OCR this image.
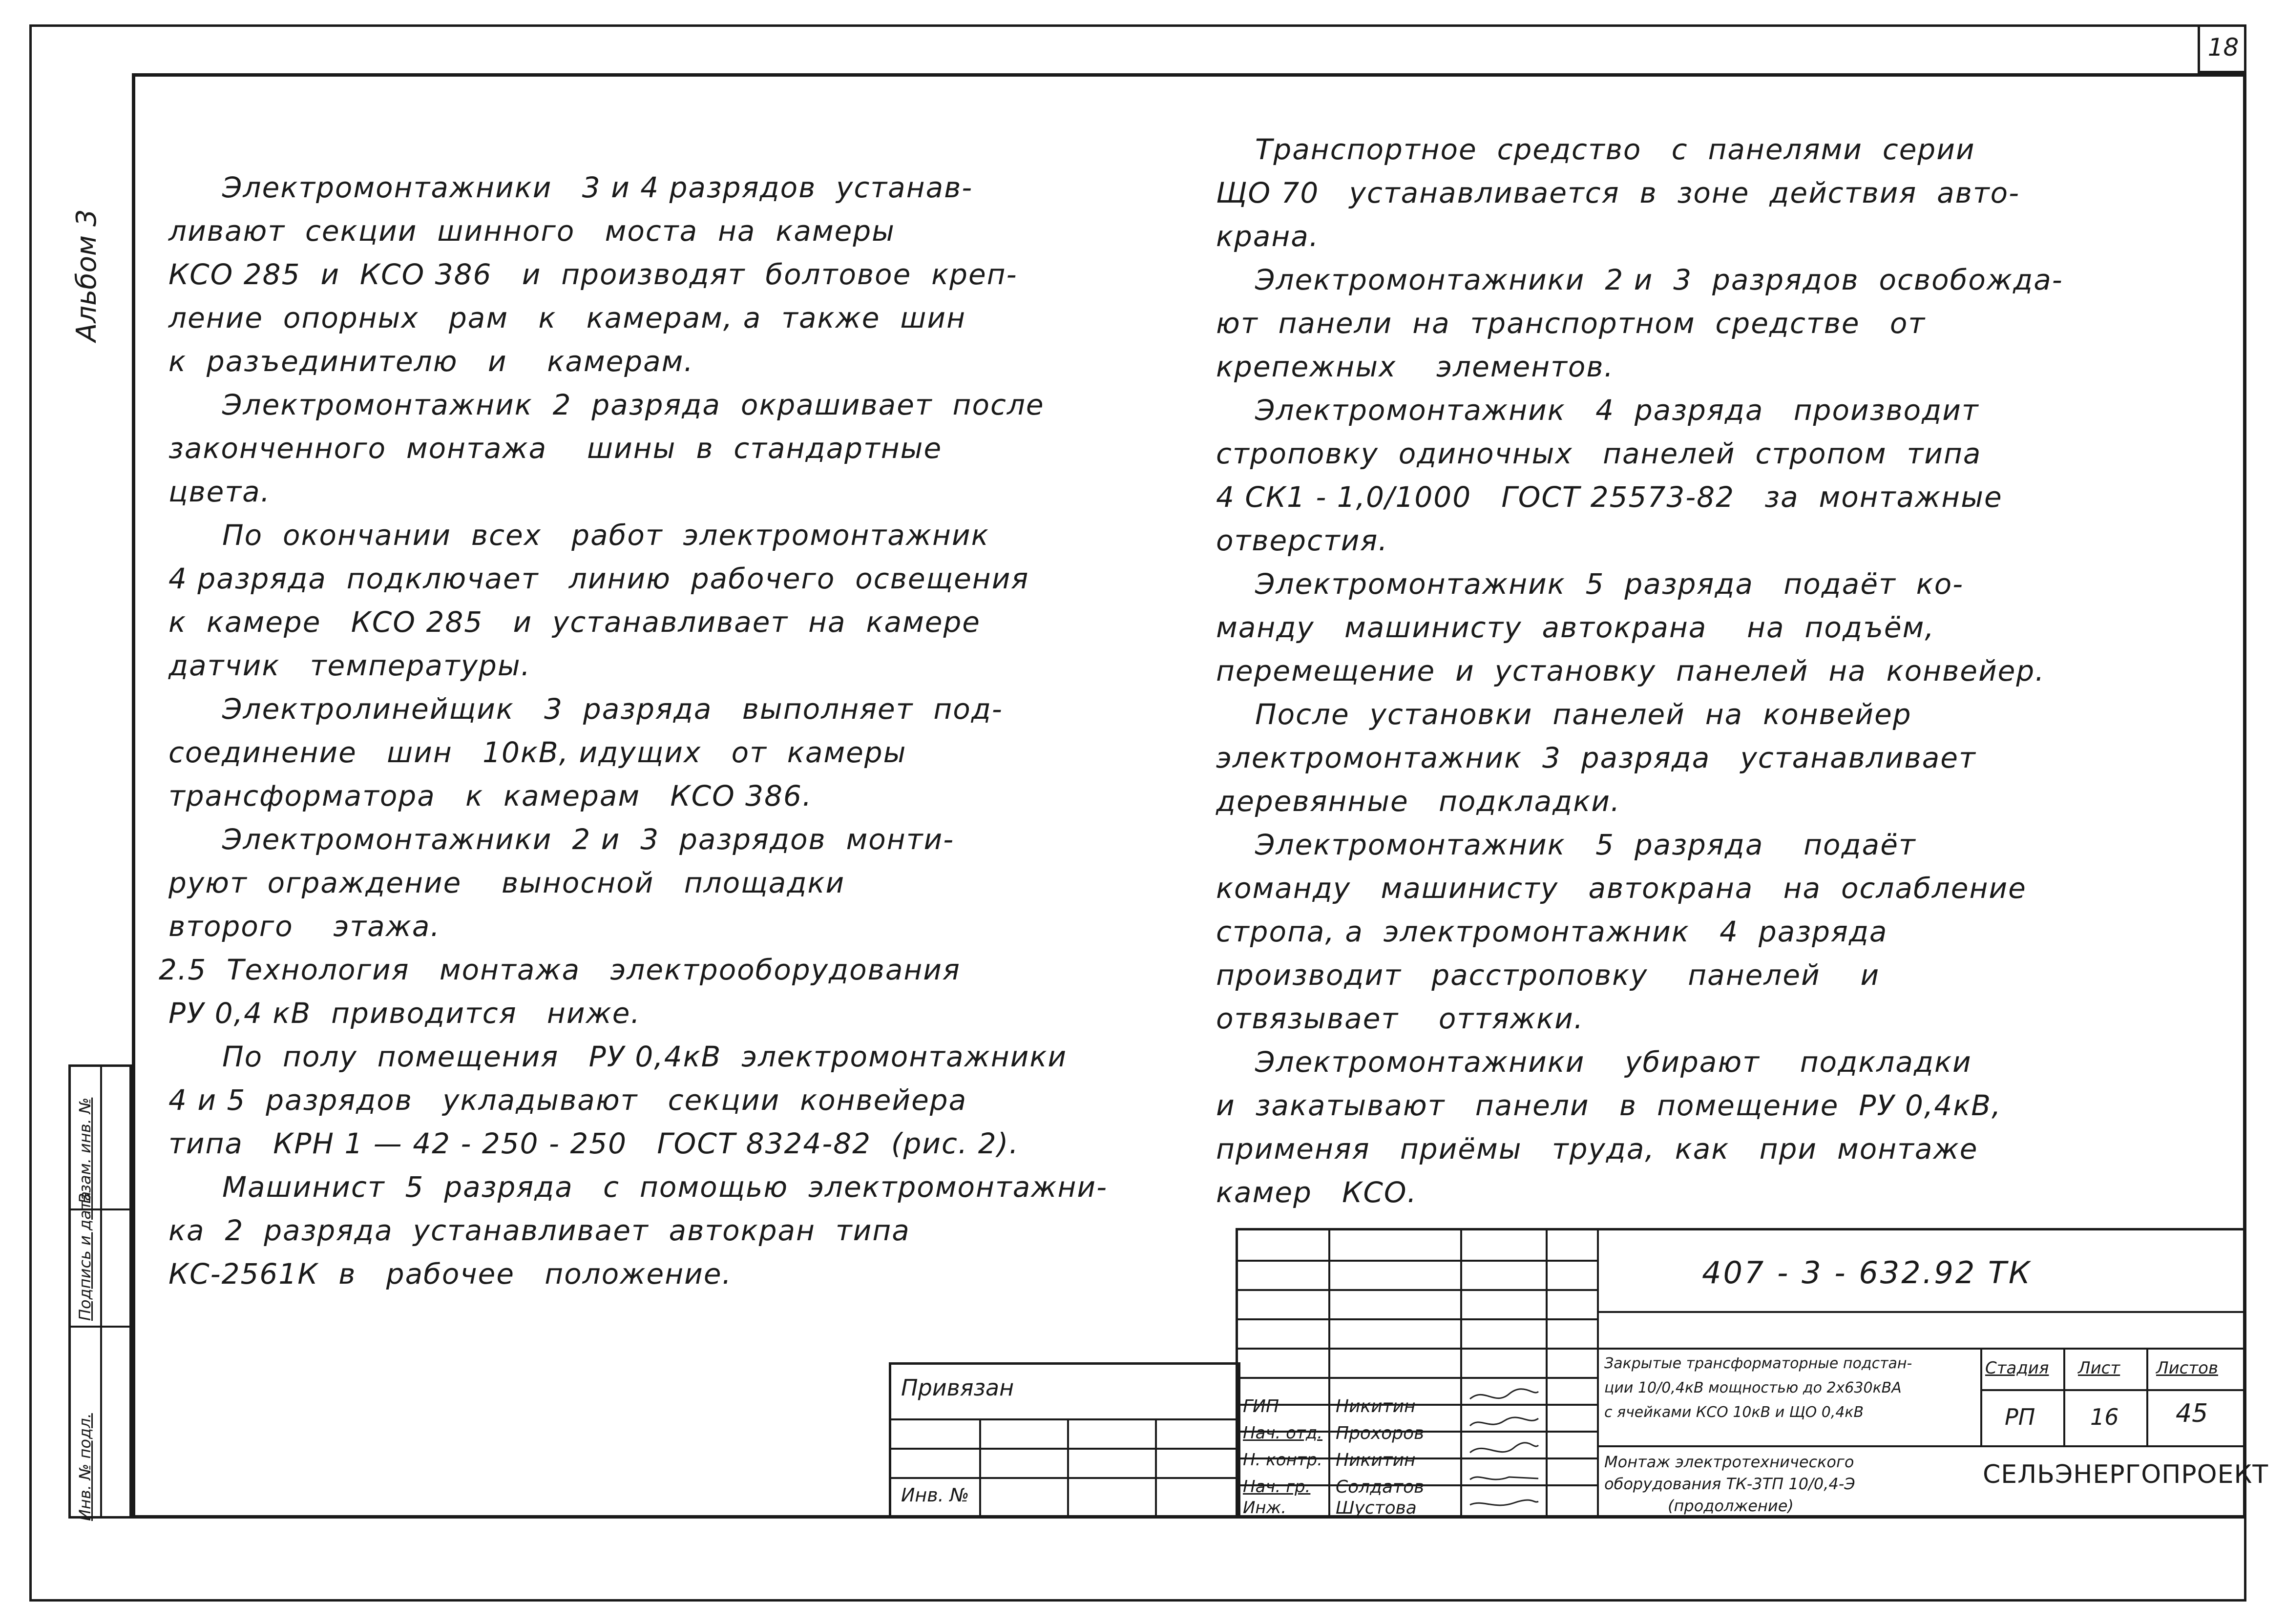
18
Альбом 3
Инв. № подл.
Подпись и дата
Взам. инв. №
Электромонтажники   3 и 4 разрядов  устанав-
ливают  секции  шинного   моста  на  камеры
КСО 285  и  КСО 386   и  производят  болтовое  креп-
ление  опорных   рам   к   камерам, а  также  шин
к  разъединителю   и    камерам.
Электромонтажник  2  разряда  окрашивает  после
законченного  монтажа    шины  в  стандартные
цвета.
По  окончании  всех   работ  электромонтажник
4 разряда  подключает   линию  рабочего  освещения
к  камере   КСО 285   и  устанавливает  на  камере
датчик   температуры.
Электролинейщик   3  разряда   выполняет  под-
соединение   шин   10кВ, идущих   от  камеры
трансформатора   к  камерам   КСО 386.
Электромонтажники  2 и  3  разрядов  монти-
руют  ограждение    выносной   площадки
второго    этажа.
2.5  Технология   монтажа   электрооборудования
РУ 0,4 кВ  приводится   ниже.
По  полу  помещения   РУ 0,4кВ  электромонтажники
4 и 5  разрядов   укладывают   секции  конвейера
типа   КРН 1 — 42 - 250 - 250   ГОСТ 8324-82  (рис. 2).
Машинист  5  разряда   с  помощью  электромонтажни-
ка  2  разряда  устанавливает  автокран  типа
КС-2561К  в   рабочее   положение.
Транспортное  средство   с  панелями  серии
ЩО 70   устанавливается  в  зоне  действия  авто-
крана.
Электромонтажники  2 и  3  разрядов  освобожда-
ют  панели  на  транспортном  средстве   от
крепежных    элементов.
Электромонтажник   4  разряда   производит
строповку  одиночных   панелей  стропом  типа
4 СК1 - 1,0/1000   ГОСТ 25573-82   за  монтажные
отверстия.
Электромонтажник  5  разряда   подаёт  ко-
манду   машинисту  автокрана    на  подъём,
перемещение  и  установку  панелей  на  конвейер.
После  установки  панелей  на  конвейер
электромонтажник  3  разряда   устанавливает
деревянные   подкладки.
Электромонтажник   5  разряда    подаёт
команду   машинисту   автокрана   на  ослабление
стропа, а  электромонтажник   4  разряда
производит   расстроповку    панелей    и
отвязывает    оттяжки.
Электромонтажники    убирают    подкладки
и  закатывают   панели   в  помещение  РУ 0,4кВ,
применяя   приёмы   труда,  как   при  монтаже
камер   КСО.
Привязан
Инв. №
407 - 3 - 632.92 ТК
ГИП	Никитин
Нач. отд. Прохоров
Н. контр. Никитин
Нач. гр. Солдатов
Инж.	Шустова
Закрытые трансформаторные подстан-
ции 10/0,4кВ мощностью до 2х630кВА
с ячейками КСО 10кВ и ЩО 0,4кВ
Монтаж электротехнического
оборудования ТК-3ТП 10/0,4-Э
(продолжение)
Стадия Лист Листов
РП 16 45
СЕЛЬЭНЕРГОПРОЕКТ
